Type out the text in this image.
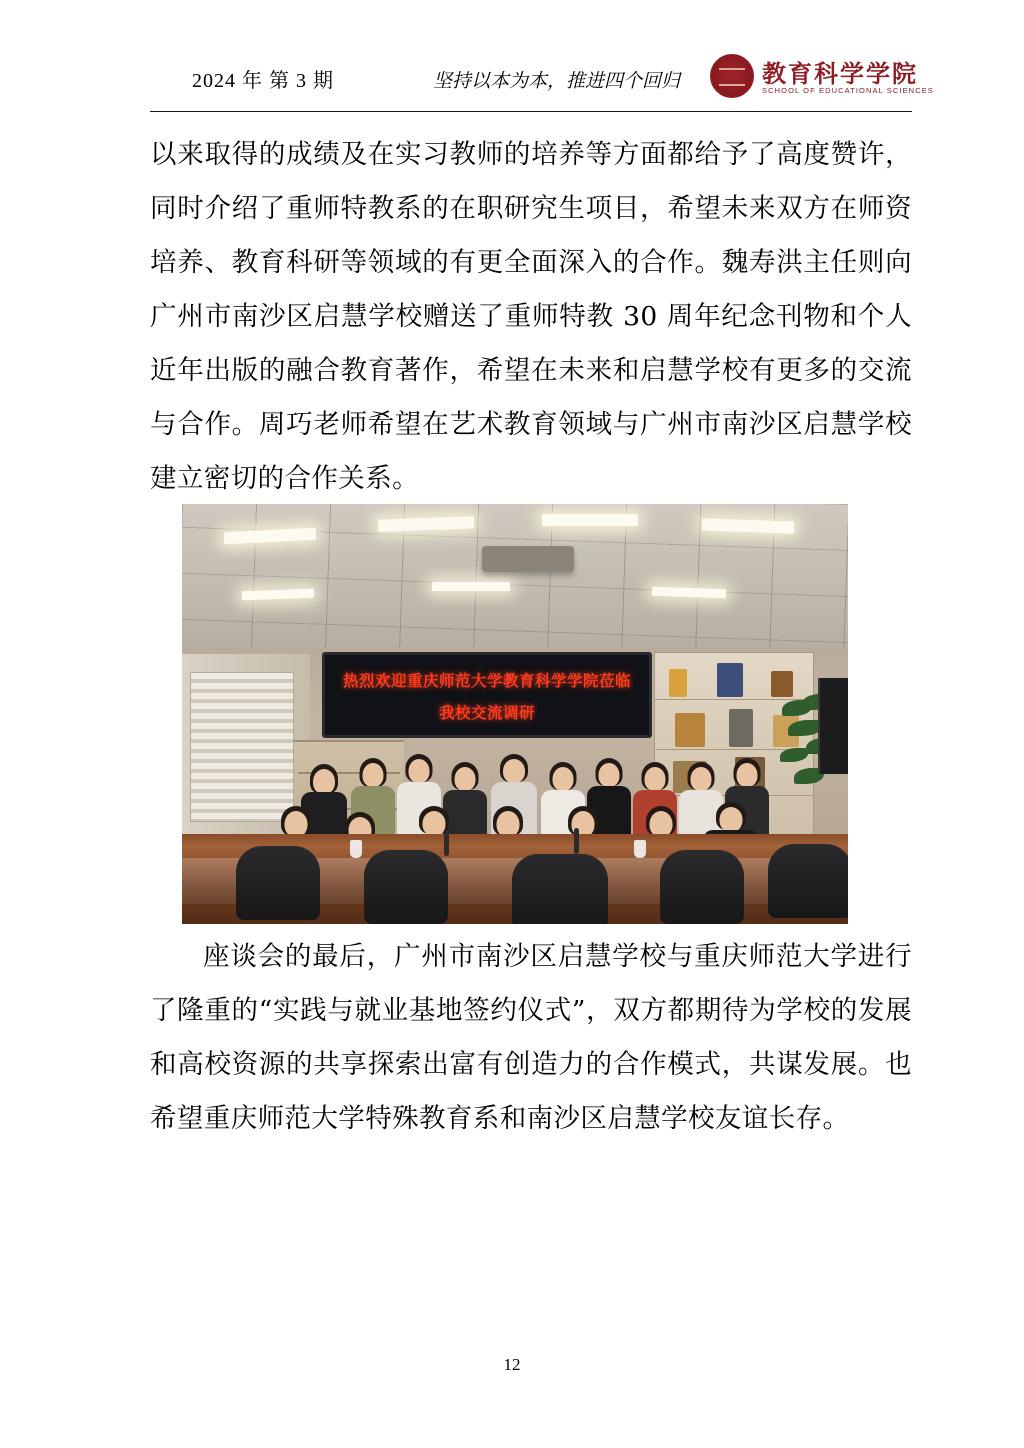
2024 年 第 3 期	坚持以本为本，推进四个回归	教育科学学院
SCHOOL OF EDUCATIONAL SCIENCES
以来取得的成绩及在实习教师的培养等方面都给予了高度赞许，同时介绍了重师特教系的在职研究生项目，希望未来双方在师资培养、教育科研等领域的有更全面深入的合作。魏寿洪主任则向广州市南沙区启慧学校赠送了重师特教 30 周年纪念刊物和个人近年出版的融合教育著作，希望在未来和启慧学校有更多的交流与合作。周巧老师希望在艺术教育领域与广州市南沙区启慧学校建立密切的合作关系。
热烈欢迎重庆师范大学教育科学学院莅临
我校交流调研
座谈会的最后，广州市南沙区启慧学校与重庆师范大学进行了隆重的“实践与就业基地签约仪式”，双方都期待为学校的发展和高校资源的共享探索出富有创造力的合作模式，共谋发展。也希望重庆师范大学特殊教育系和南沙区启慧学校友谊长存。
12
